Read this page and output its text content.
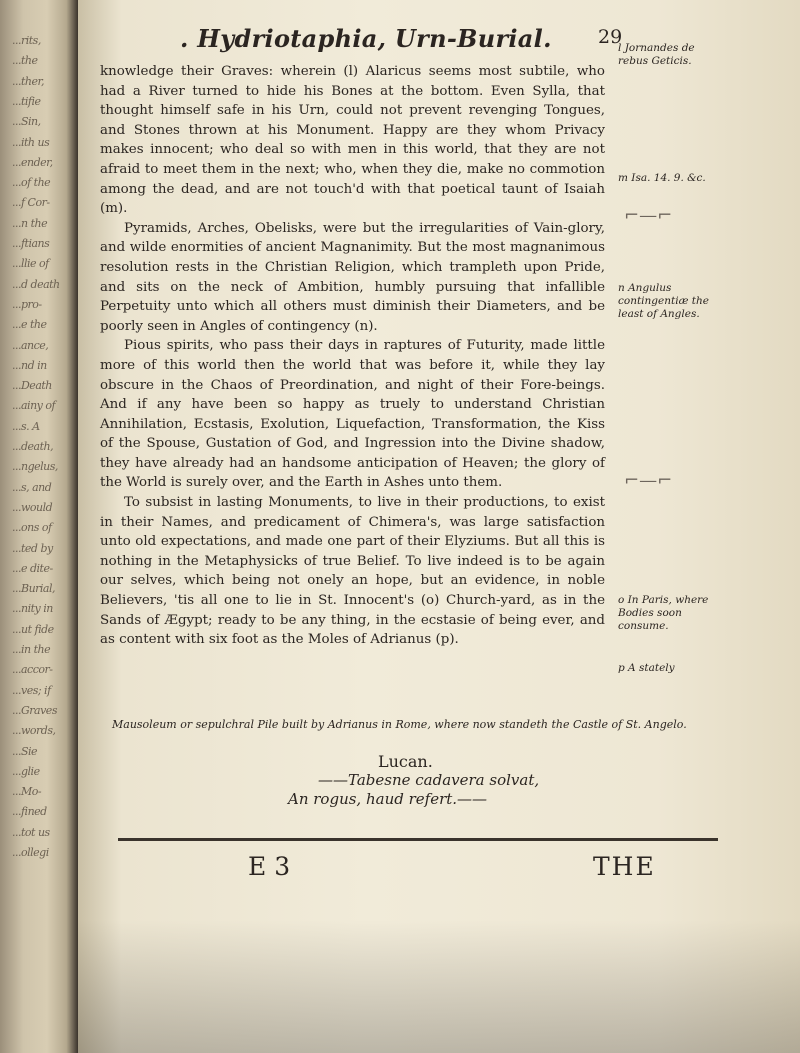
...rits,
...the
...ther,
...tifie
...Sin,
...ith us
...ender,
...of the
...f Cor-
...n the
...ftians
...llie of
...d death
...pro-
...e the
...ance,
...nd in
...Death
...ainy of
...s. A
...death,
...ngelus,
...s, and
...would
...ons of
...ted by
...e dite-
...Burial,
...nity in
...ut fide
...in the
...accor-
...ves; if
...Graves
...words,
...Sie
...glie
...Mo-
...fined
...tot us
...ollegi
. Hydriotaphia, Urn-Burial. 29

knowledge their Graves: wherein (l) Alaricus seems most subtile, who had a River turned to hide his Bones at the bottom. Even Sylla, that thought himself safe in his Urn, could not prevent revenging Tongues, and Stones thrown at his Monument. Happy are they whom Privacy makes innocent; who deal so with men in this world, that they are not afraid to meet them in the next; who, when they die, make no commotion among the dead, and are not touch'd with that poetical taunt of Isaiah (m).

Pyramids, Arches, Obelisks, were but the irregularities of Vain-glory, and wilde enormities of ancient Magnanimity. But the most magnanimous resolution rests in the Christian Religion, which trampleth upon Pride, and sits on the neck of Ambition, humbly pursuing that infallible Perpetuity unto which all others must diminish their Diameters, and be poorly seen in Angles of contingency (n).

Pious spirits, who pass their days in raptures of Futurity, made little more of this world then the world that was before it, while they lay obscure in the Chaos of Preordination, and night of their Fore-beings. And if any have been so happy as truely to understand Christian Annihilation, Ecstasis, Exolution, Liquefaction, Transformation, the Kiss of the Spouse, Gustation of God, and Ingression into the Divine shadow, they have already had an handsome anticipation of Heaven; the glory of the World is surely over, and the Earth in Ashes unto them.

To subsist in lasting Monuments, to live in their productions, to exist in their Names, and predicament of Chimera's, was large satisfaction unto old expectations, and made one part of their Elyziums. But all this is nothing in the Metaphysicks of true Belief. To live indeed is to be again our selves, which being not onely an hope, but an evidence, in noble Believers, 'tis all one to lie in St. Innocent's (o) Church-yard, as in the Sands of Ægypt; ready to be any thing, in the ecstasie of being ever, and as content with six foot as the Moles of Adrianus (p).

l Jornandes de rebus Geticis.
m Isa. 14. 9. &c.
⌐—⌐
n Angulus contingentiæ the least of Angles.
⌐—⌐
o In Paris, where Bodies soon consume.
p A stately
Mausoleum or sepulchral Pile built by Adrianus in Rome, where now standeth the Castle of St. Angelo.
Lucan.
——Tabesne cadavera solvat,
An rogus, haud refert.——
E 3	THE
